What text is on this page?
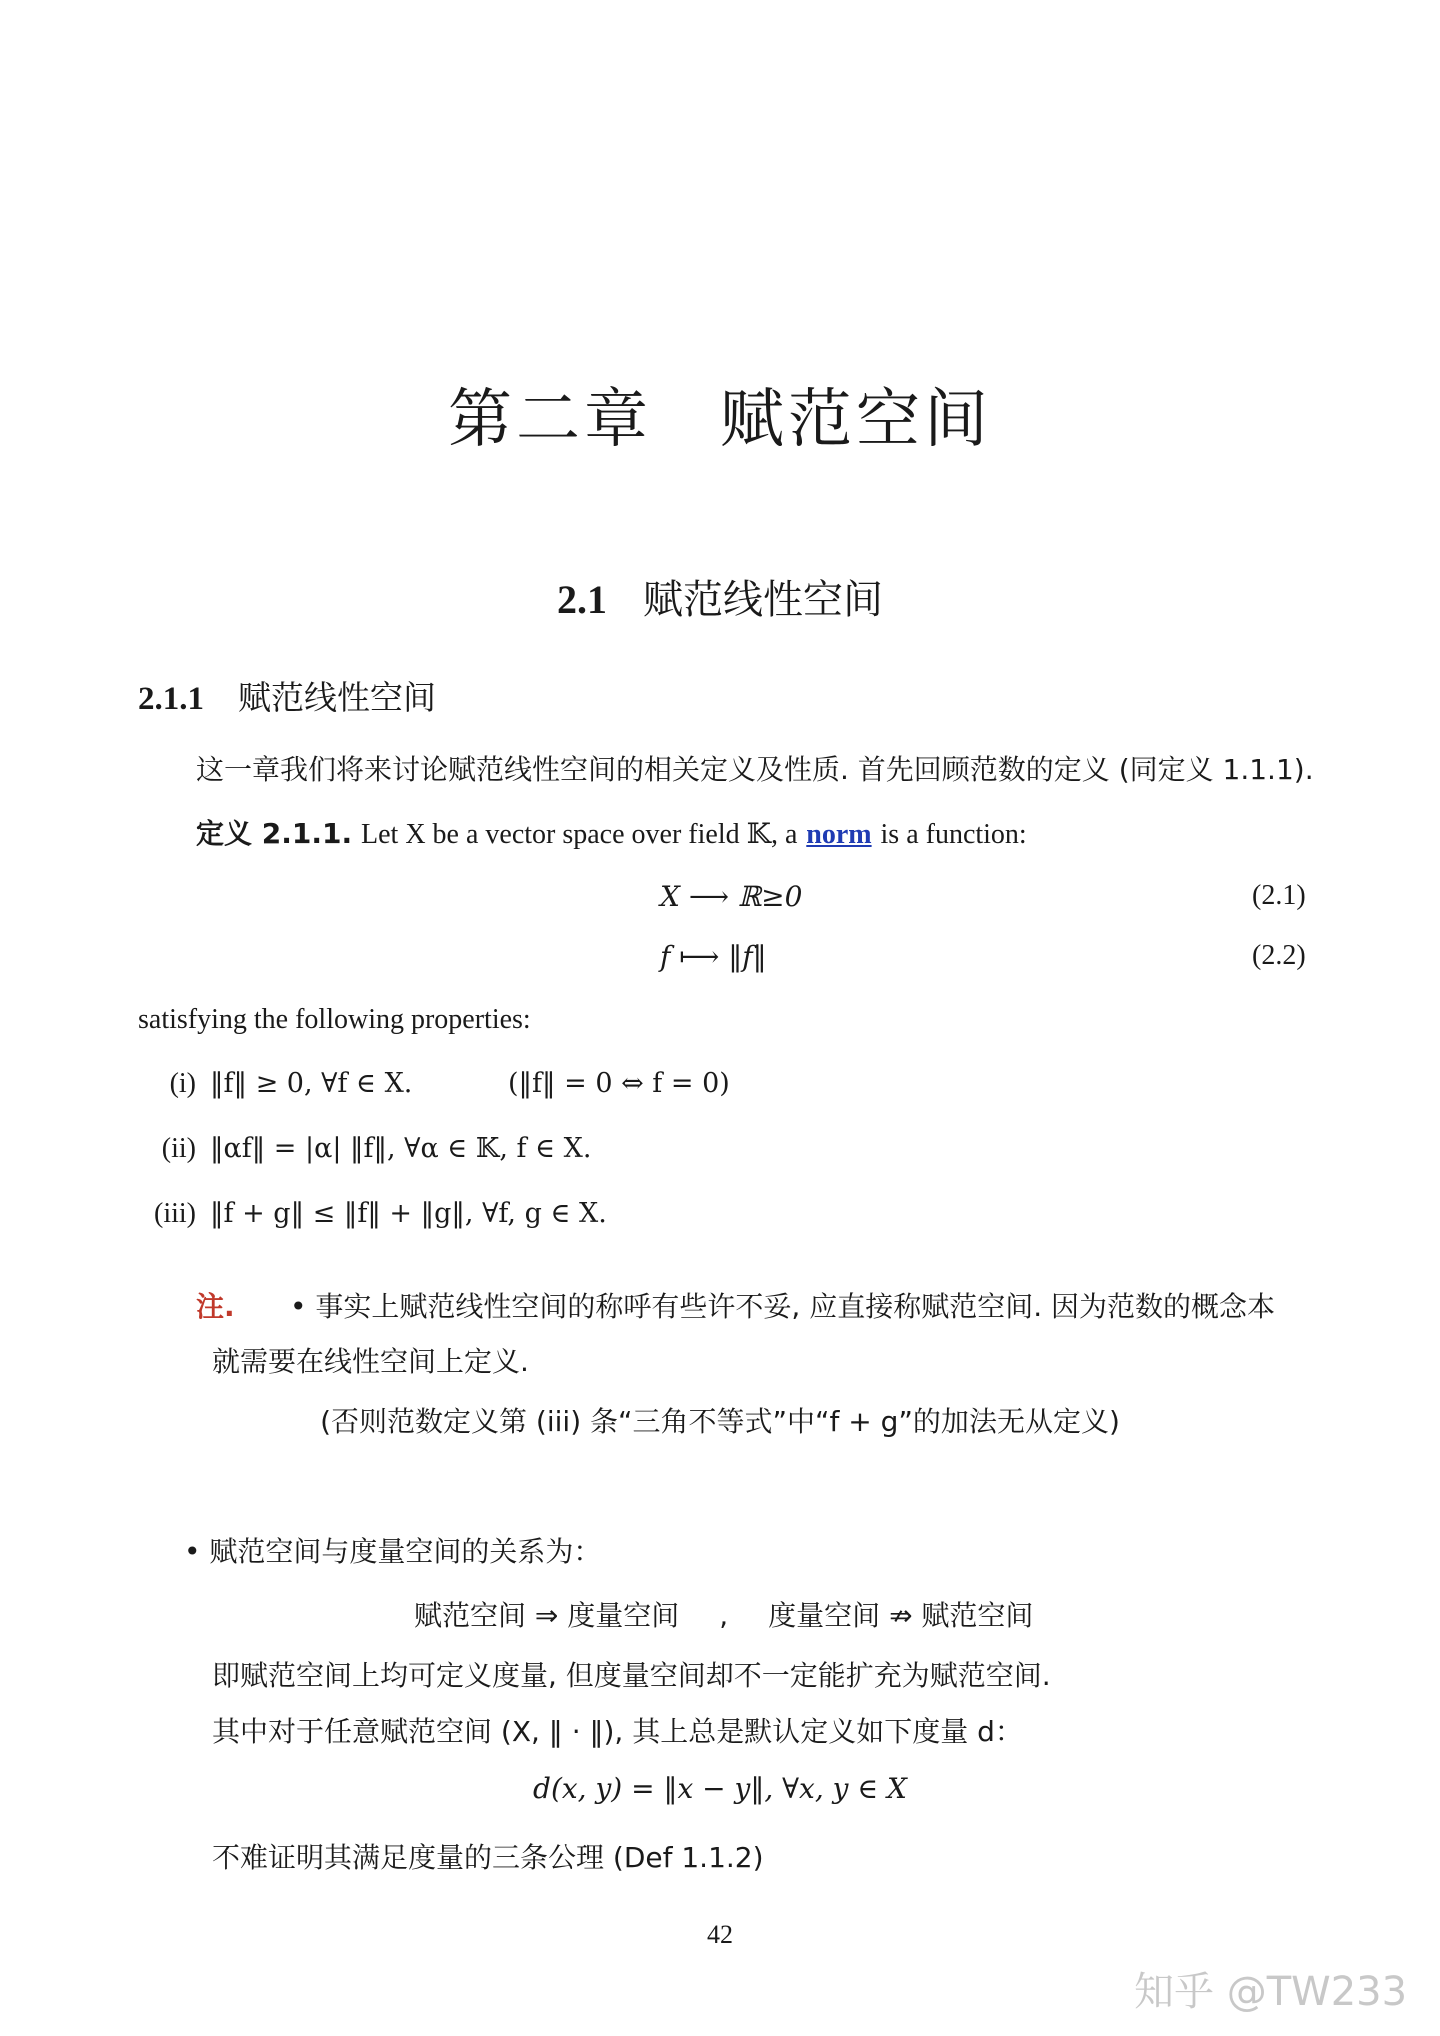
第二章　赋范空间
2.1 赋范线性空间
2.1.1 赋范线性空间
这一章我们将来讨论赋范线性空间的相关定义及性质. 首先回顾范数的定义 (同定义 1.1.1).
定义 2.1.1. Let X be a vector space over field 𝕂, a norm is a function:
X ⟶ ℝ≥0	(2.1)
f ⟼ ‖f‖	(2.2)
satisfying the following properties:
(i) ‖f‖ ≥ 0, ∀f ∈ X.	(‖f‖ = 0 ⇔ f = 0)
(ii) ‖αf‖ = |α| ‖f‖, ∀α ∈ 𝕂, f ∈ X.
(iii) ‖f + g‖ ≤ ‖f‖ + ‖g‖, ∀f, g ∈ X.
注. • 事实上赋范线性空间的称呼有些许不妥, 应直接称赋范空间. 因为范数的概念本
就需要在线性空间上定义.
(否则范数定义第 (iii) 条“三角不等式”中“f + g”的加法无从定义)
• 赋范空间与度量空间的关系为：
赋范空间 ⇒ 度量空间 , 度量空间 ⇏ 赋范空间
即赋范空间上均可定义度量, 但度量空间却不一定能扩充为赋范空间.
其中对于任意赋范空间 (X, ‖ · ‖), 其上总是默认定义如下度量 d：
d(x, y) = ‖x − y‖, ∀x, y ∈ X
不难证明其满足度量的三条公理 (Def 1.1.2)
42
知乎 @TW233
